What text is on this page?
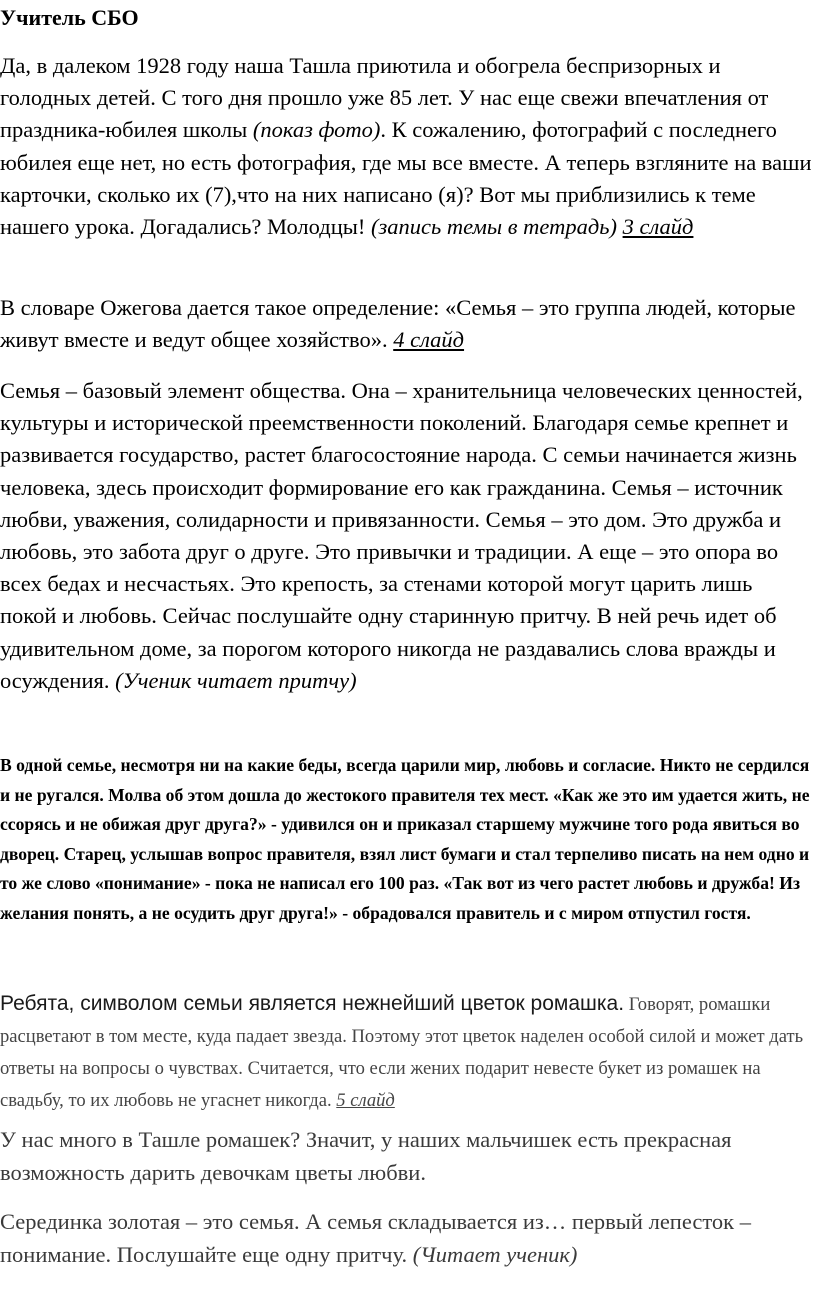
Учитель СБО

Да, в далеком 1928 году наша Ташла приютила и обогрела беспризорных и голодных детей. С того дня прошло уже 85 лет. У нас еще свежи впечатления от праздника-юбилея школы (показ фото). К сожалению, фотографий с последнего юбилея еще нет, но есть фотография, где мы все вместе. А теперь взгляните на ваши карточки, сколько их (7),что на них написано (я)? Вот мы приблизились к теме нашего урока. Догадались? Молодцы! (запись темы в тетрадь) 3 слайд

В словаре Ожегова дается такое определение: «Семья – это группа людей, которые живут вместе и ведут общее хозяйство». 4 слайд

Семья – базовый элемент общества. Она – хранительница человеческих ценностей, культуры и исторической преемственности поколений. Благодаря семье крепнет и развивается государство, растет благосостояние народа. С семьи начинается жизнь человека, здесь происходит формирование его как гражданина. Семья – источник любви, уважения, солидарности и привязанности. Семья – это дом. Это дружба и любовь, это забота друг о друге. Это привычки и традиции. А еще – это опора во всех бедах и несчастьях. Это крепость, за стенами которой могут царить лишь покой и любовь. Сейчас послушайте одну старинную притчу. В ней речь идет об удивительном доме, за порогом которого никогда не раздавались слова вражды и осуждения. (Ученик читает притчу)

В одной семье, несмотря ни на какие беды, всегда царили мир, любовь и согласие. Никто не сердился и не ругался. Молва об этом дошла до жестокого правителя тех мест. «Как же это им удается жить, не ссорясь и не обижая друг друга?» - удивился он и приказал старшему мужчине того рода явиться во дворец. Старец, услышав вопрос правителя, взял лист бумаги и стал терпеливо писать на нем одно и то же слово «понимание» - пока не написал его 100 раз. «Так вот из чего растет любовь и дружба! Из желания понять, а не осудить друг друга!» - обрадовался правитель и с миром отпустил гостя.

Ребята, символом семьи является нежнейший цветок ромашка. Говорят, ромашки расцветают в том месте, куда падает звезда. Поэтому этот цветок наделен особой силой и может дать ответы на вопросы о чувствах. Считается, что если жених подарит невесте букет из ромашек на свадьбу, то их любовь не угаснет никогда. 5 слайд

У нас много в Ташле ромашек? Значит, у наших мальчишек есть прекрасная возможность дарить девочкам цветы любви.

Серединка золотая – это семья. А семья складывается из… первый лепесток – понимание. Послушайте еще одну притчу. (Читает ученик)
